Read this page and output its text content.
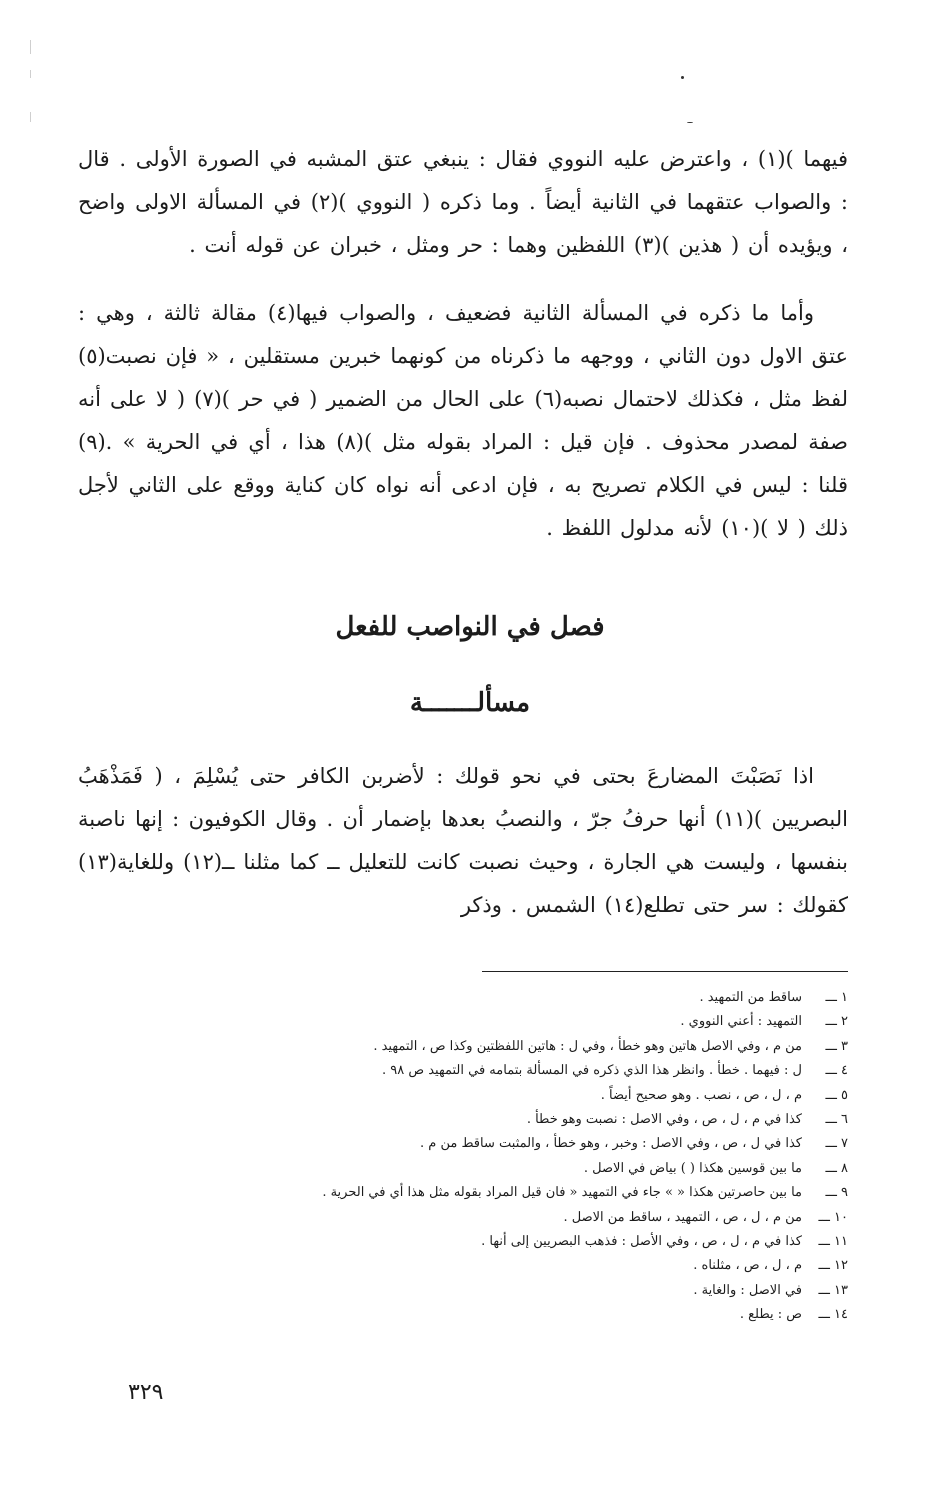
فيهما )(١) ، واعترض عليه النووي فقال : ينبغي عتق المشبه في الصورة الأولى . قال : والصواب عتقهما في الثانية أيضاً . وما ذكره ( النووي )(٢) في المسألة الاولى واضح ، ويؤيده أن ( هذين )(٣) اللفظين وهما : حر ومثل ، خبران عن قوله أنت .

وأما ما ذكره في المسألة الثانية فضعيف ، والصواب فيها(٤) مقالة ثالثة ، وهي : عتق الاول دون الثاني ، ووجهه ما ذكرناه من كونهما خبرين مستقلين ، « فإن نصبت(٥) لفظ مثل ، فكذلك لاحتمال نصبه(٦) على الحال من الضمير ( في حر )(٧) ( لا على أنه صفة لمصدر محذوف . فإن قيل : المراد بقوله مثل )(٨) هذا ، أي في الحرية » .(٩) قلنا : ليس في الكلام تصريح به ، فإن ادعى أنه نواه كان كناية ووقع على الثاني لأجل ذلك ( لا )(١٠) لأنه مدلول اللفظ .

فصل في النواصب للفعل
مسألـــــــة

اذا نَصَبْتَ المضارعَ بحتى في نحو قولك : لأضربن الكافر حتى يُسْلِمَ ، ( فَمَذْهَبُ البصريين )(١١) أنها حرفُ جرّ ، والنصبُ بعدها بإضمار أن . وقال الكوفيون : إنها ناصبة بنفسها ، وليست هي الجارة ، وحيث نصبت كانت للتعليل ــ كما مثلنا ــ(١٢) وللغاية(١٣) كقولك : سر حتى تطلع(١٤) الشمس . وذكر

١ ـــ
ساقط من التمهيد .
٢ ـــ
التمهيد : أعني النووي .
٣ ـــ
من م ، وفي الاصل هاتين وهو خطأ ، وفي ل : هاتين اللفظتين وكذا ص ، التمهيد .
٤ ـــ
ل : فيهما . خطأ . وانظر هذا الذي ذكره في المسألة بتمامه في التمهيد ص ٩٨ .
٥ ـــ
م ، ل ، ص ، نصب . وهو صحيح أيضاً .
٦ ـــ
كذا في م ، ل ، ص ، وفي الاصل : نصبت وهو خطأ .
٧ ـــ
كذا في ل ، ص ، وفي الاصل : وخبر ، وهو خطأ ، والمثبت ساقط من م .
٨ ـــ
ما بين قوسين هكذا ( ) بياض في الاصل .
٩ ـــ
ما بين حاصرتين هكذا « » جاء في التمهيد « فان قيل المراد بقوله مثل هذا أي في الحرية .
١٠ ـــ
من م ، ل ، ص ، التمهيد ، ساقط من الاصل .
١١ ـــ
كذا في م ، ل ، ص ، وفي الأصل : فذهب البصريين إلى أنها .
١٢ ـــ
م ، ل ، ص ، مثلناه .
١٣ ـــ
في الاصل : والغاية .
١٤ ـــ
ص : يطلع .
٣٢٩
